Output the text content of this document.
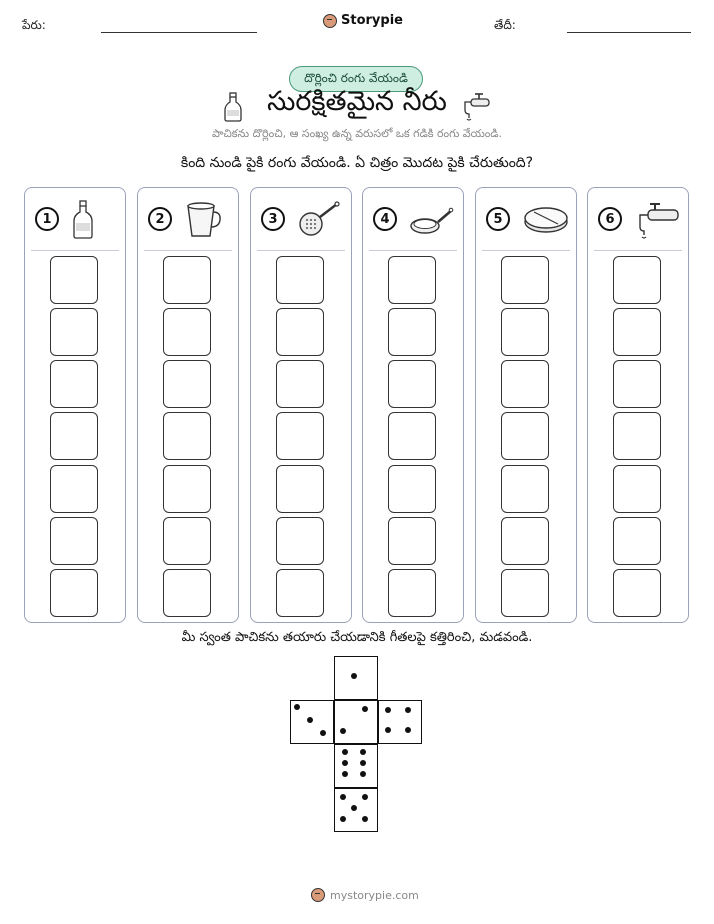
పేరు:	Storypie	తేదీ:
దొర్లించి రంగు వేయండి
సురక్షితమైన నీరు
పాచికను దొర్లించి, ఆ సంఖ్య ఉన్న వరుసలో ఒక గడికి రంగు వేయండి.
కింది నుండి పైకి రంగు వేయండి. ఏ చిత్రం మొదట పైకి చేరుతుంది?
1	2	3	4	5	6
మీ స్వంత పాచికను తయారు చేయడానికి గీతలపై కత్తిరించి, మడవండి.
mystorypie.com
